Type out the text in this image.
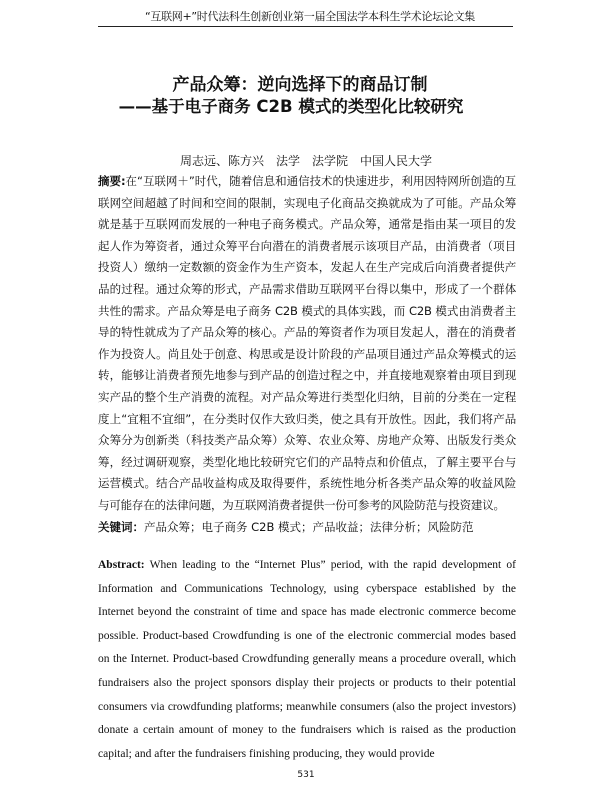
“互联网+”时代法科生创新创业第一届全国法学本科生学术论坛论文集
产品众筹：逆向选择下的商品订制
——基于电子商务 C2B 模式的类型化比较研究
周志远、陈方兴　法学　法学院　中国人民大学
摘要:在“互联网＋”时代，随着信息和通信技术的快速进步，利用因特网所创造的互联网空间超越了时间和空间的限制，实现电子化商品交换就成为了可能。产品众筹就是基于互联网而发展的一种电子商务模式。产品众筹，通常是指由某一项目的发起人作为筹资者，通过众筹平台向潜在的消费者展示该项目产品，由消费者（项目投资人）缴纳一定数额的资金作为生产资本，发起人在生产完成后向消费者提供产品的过程。通过众筹的形式，产品需求借助互联网平台得以集中，形成了一个群体共性的需求。产品众筹是电子商务 C2B 模式的具体实践，而 C2B 模式由消费者主导的特性就成为了产品众筹的核心。产品的筹资者作为项目发起人，潜在的消费者作为投资人。尚且处于创意、构思或是设计阶段的产品项目通过产品众筹模式的运转，能够让消费者预先地参与到产品的创造过程之中，并直接地观察着由项目到现实产品的整个生产消费的流程。对产品众筹进行类型化归纳，目前的分类在一定程度上“宜粗不宜细”，在分类时仅作大致归类，使之具有开放性。因此，我们将产品众筹分为创新类（科技类产品众筹）众筹、农业众筹、房地产众筹、出版发行类众筹，经过调研观察，类型化地比较研究它们的产品特点和价值点，了解主要平台与运营模式。结合产品收益构成及取得要件，系统性地分析各类产品众筹的收益风险与可能存在的法律问题，为互联网消费者提供一份可参考的风险防范与投资建议。
关键词：产品众筹；电子商务 C2B 模式；产品收益；法律分析；风险防范
Abstract: When leading to the “Internet Plus” period, with the rapid development of Information and Communications Technology, using cyberspace established by the Internet beyond the constraint of time and space has made electronic commerce become possible. Product-based Crowdfunding is one of the electronic commercial modes based on the Internet. Product-based Crowdfunding generally means a procedure overall, which fundraisers also the project sponsors display their projects or products to their potential consumers via crowdfunding platforms; meanwhile consumers (also the project investors) donate a certain amount of money to the fundraisers which is raised as the production capital; and after the fundraisers finishing producing, they would provide
531
